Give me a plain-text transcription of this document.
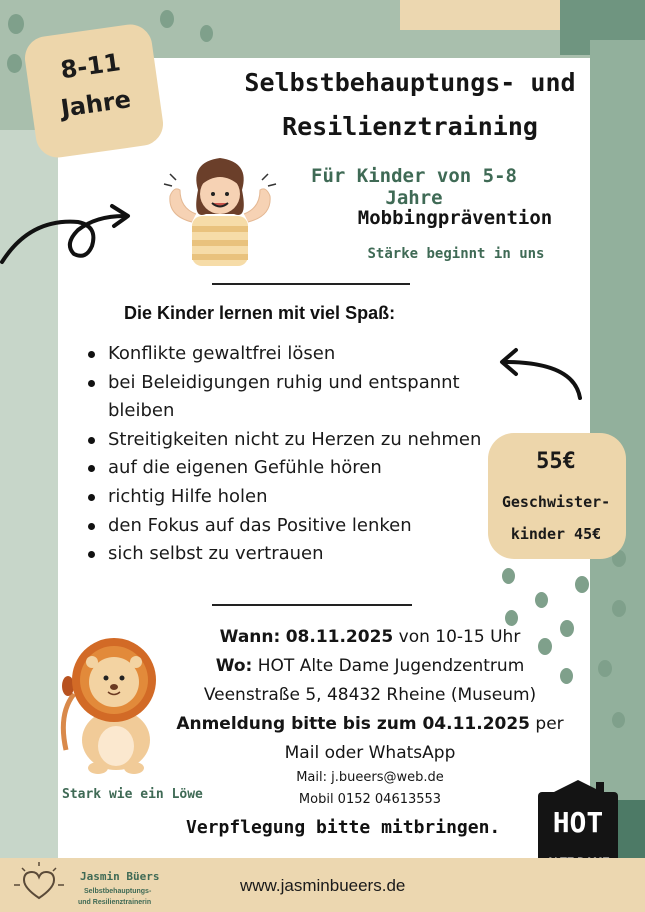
8-11
Jahre
Selbstbehauptungs- und
Resilienztraining
Für Kinder von 5-8 Jahre
Mobbingprävention
Stärke beginnt in uns
Die Kinder lernen mit viel Spaß:
Konflikte gewaltfrei lösen
bei Beleidigungen ruhig und entspannt bleiben
Streitigkeiten nicht zu Herzen zu nehmen
auf die eigenen Gefühle hören
richtig Hilfe holen
den Fokus auf das Positive lenken
sich selbst zu vertrauen
55€
Geschwister-
kinder 45€
Stark wie ein Löwe
Wann: 08.11.2025 von 10-15 Uhr
Wo: HOT Alte Dame Jugendzentrum
Veenstraße 5, 48432 Rheine (Museum)
Anmeldung bitte bis zum 04.11.2025 per
Mail oder WhatsApp
Mail: j.bueers@web.de
Mobil 0152 04613553
Verpflegung bitte mitbringen.	HOT
Jasmin Büers
Selbstbehauptungs-
und Resilienztrainerin
www.jasminbueers.de
